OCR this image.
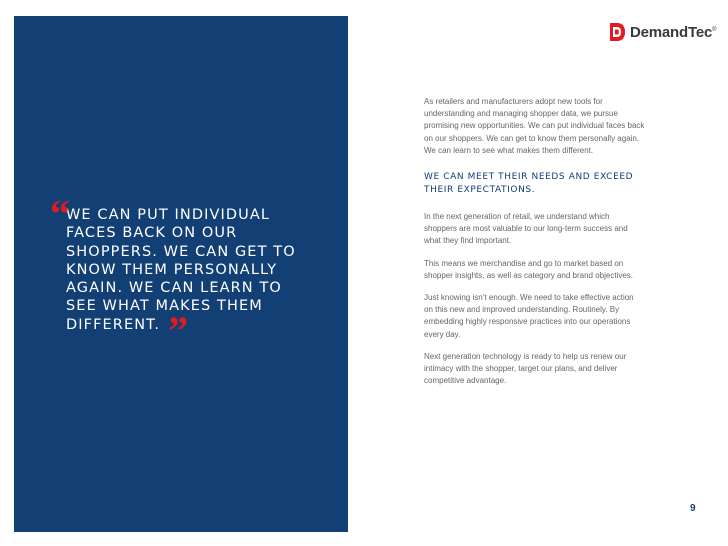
“
WE CAN PUT INDIVIDUAL
FACES BACK ON OUR
SHOPPERS. WE CAN GET TO
KNOW THEM PERSONALLY
AGAIN. WE CAN LEARN TO
SEE WHAT MAKES THEM
DIFFERENT. ”
DemandTec®

As retailers and manufacturers adopt new tools for
understanding and managing shopper data, we pursue
promising new opportunities. We can put individual faces back
on our shoppers. We can get to know them personally again.
We can learn to see what makes them different.

WE CAN MEET THEIR NEEDS AND EXCEED
THEIR EXPECTATIONS.

In the next generation of retail, we understand which
shoppers are most valuable to our long-term success and
what they find important.

This means we merchandise and go to market based on
shopper insights, as well as category and brand objectives.

Just knowing isn’t enough. We need to take effective action
on this new and improved understanding. Routinely. By
embedding highly responsive practices into our operations
every day.

Next generation technology is ready to help us renew our
intimacy with the shopper, target our plans, and deliver
competitive advantage.

9
